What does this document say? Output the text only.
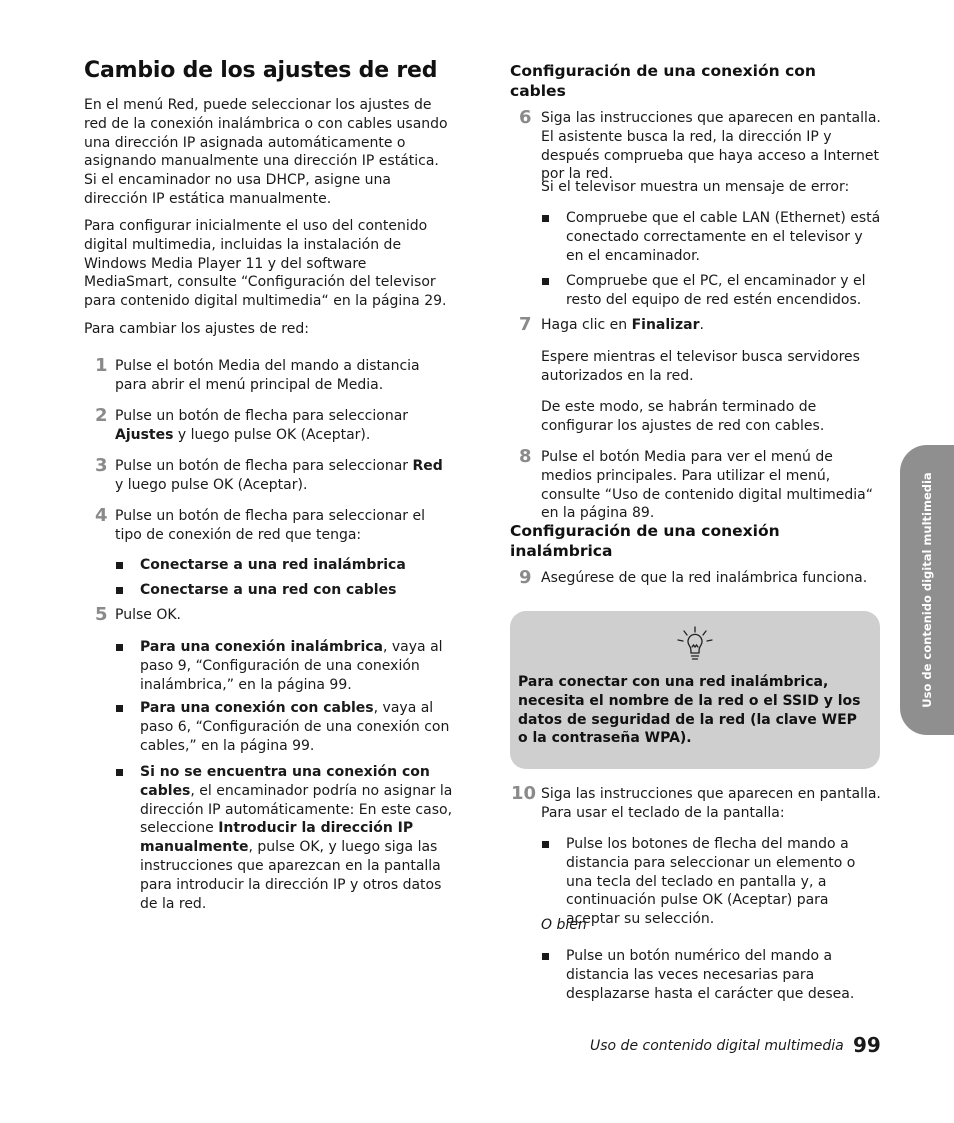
Cambio de los ajustes de red

En el menú Red, puede seleccionar los ajustes de red de la conexión inalámbrica o con cables usando una dirección IP asignada automáticamente o asignando manualmente una dirección IP estática. Si el encaminador no usa DHCP, asigne una dirección IP estática manualmente.

Para configurar inicialmente el uso del contenido digital multimedia, incluidas la instalación de Windows Media Player 11 y del software MediaSmart, consulte “Configuración del televisor para contenido digital multimedia“ en la página 29.

Para cambiar los ajustes de red:

1 Pulse el botón Media del mando a distancia para abrir el menú principal de Media.

2 Pulse un botón de flecha para seleccionar Ajustes y luego pulse OK (Aceptar).

3 Pulse un botón de flecha para seleccionar Red y luego pulse OK (Aceptar).

4 Pulse un botón de flecha para seleccionar el tipo de conexión de red que tenga:

Conectarse a una red inalámbrica

Conectarse a una red con cables

5 Pulse OK.

Para una conexión inalámbrica, vaya al paso 9, “Configuración de una conexión inalámbrica,” en la página 99.

Para una conexión con cables, vaya al paso 6, “Configuración de una conexión con cables,” en la página 99.

Si no se encuentra una conexión con cables, el encaminador podría no asignar la dirección IP automáticamente: En este caso, seleccione Introducir la dirección IP manualmente, pulse OK, y luego siga las instrucciones que aparezcan en la pantalla para introducir la dirección IP y otros datos de la red.

Configuración de una conexión con cables

6 Siga las instrucciones que aparecen en pantalla. El asistente busca la red, la dirección IP y después comprueba que haya acceso a Internet por la red.

Si el televisor muestra un mensaje de error:

Compruebe que el cable LAN (Ethernet) está conectado correctamente en el televisor y en el encaminador.

Compruebe que el PC, el encaminador y el resto del equipo de red estén encendidos.

7 Haga clic en Finalizar.

Espere mientras el televisor busca servidores autorizados en la red.

De este modo, se habrán terminado de configurar los ajustes de red con cables.

8 Pulse el botón Media para ver el menú de medios principales. Para utilizar el menú, consulte “Uso de contenido digital multimedia“ en la página 89.

Configuración de una conexión inalámbrica

9 Asegúrese de que la red inalámbrica funciona.

Para conectar con una red inalámbrica, necesita el nombre de la red o el SSID y los datos de seguridad de la red (la clave WEP o la contraseña WPA).

10 Siga las instrucciones que aparecen en pantalla. Para usar el teclado de la pantalla:

Pulse los botones de flecha del mando a distancia para seleccionar un elemento o una tecla del teclado en pantalla y, a continuación pulse OK (Aceptar) para aceptar su selección.

O bien

Pulse un botón numérico del mando a distancia las veces necesarias para desplazarse hasta el carácter que desea.

Uso de contenido digital multimedia
Uso de contenido digital multimedia 99
